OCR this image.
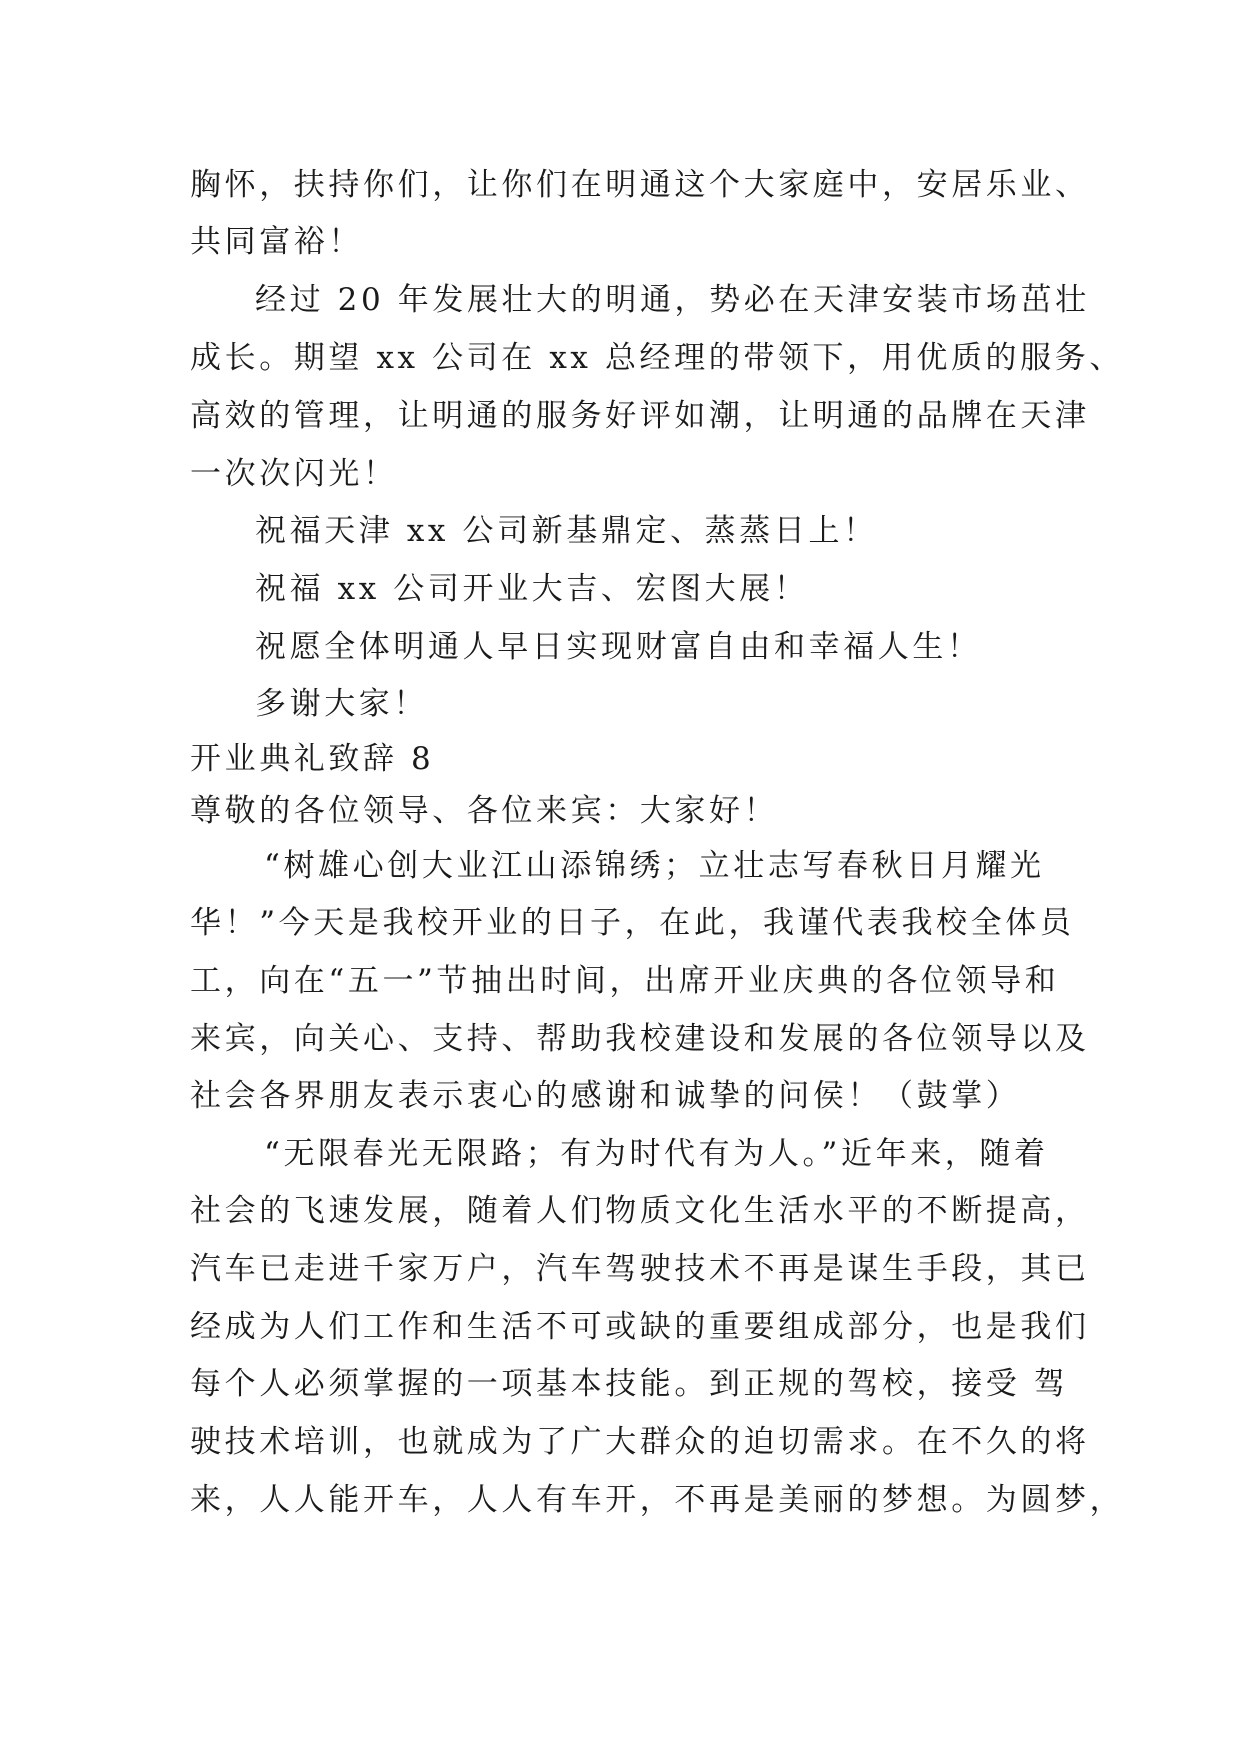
胸怀，扶持你们，让你们在明通这个大家庭中，安居乐业、
共同富裕！
经过 20 年发展壮大的明通，势必在天津安装市场茁壮
成长。期望 xx 公司在 xx 总经理的带领下，用优质的服务、
高效的管理，让明通的服务好评如潮，让明通的品牌在天津
一次次闪光！
祝福天津 xx 公司新基鼎定、蒸蒸日上！
祝福 xx 公司开业大吉、宏图大展！
祝愿全体明通人早日实现财富自由和幸福人生！
多谢大家！
开业典礼致辞 8
尊敬的各位领导、各位来宾：大家好！
“树雄心创大业江山添锦绣；立壮志写春秋日月耀光
华！”今天是我校开业的日子，在此，我谨代表我校全体员
工，向在“五一”节抽出时间，出席开业庆典的各位领导和
来宾，向关心、支持、帮助我校建设和发展的各位领导以及
社会各界朋友表示衷心的感谢和诚挚的问侯！（鼓掌）
“无限春光无限路；有为时代有为人。”近年来，随着
社会的飞速发展，随着人们物质文化生活水平的不断提高，
汽车已走进千家万户，汽车驾驶技术不再是谋生手段，其已
经成为人们工作和生活不可或缺的重要组成部分，也是我们
每个人必须掌握的一项基本技能。到正规的驾校，接受 驾
驶技术培训，也就成为了广大群众的迫切需求。在不久的将
来，人人能开车，人人有车开，不再是美丽的梦想。为圆梦，
